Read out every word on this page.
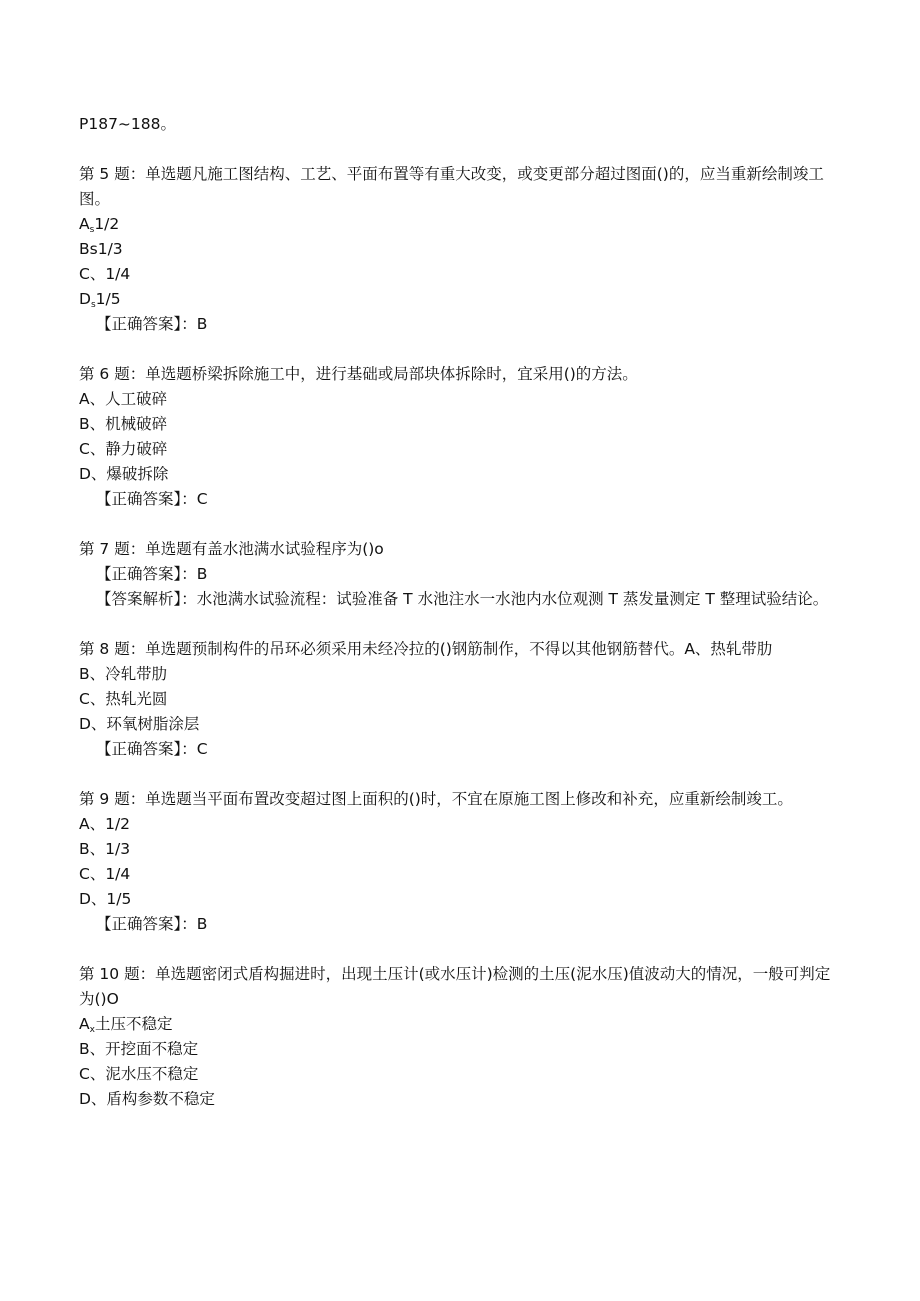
P187~188。
第 5 题：单选题凡施工图结构、工艺、平面布置等有重大改变，或变更部分超过图面()的，应当重新绘制竣工图。
$A_s1/2$
Bs1/3
C、1/4
$D_s1/5$
【正确答案】：B
第 6 题：单选题桥梁拆除施工中，进行基础或局部块体拆除时，宜采用()的方法。
A、人工破碎
B、机械破碎
C、静力破碎
D、爆破拆除
【正确答案】：C
第 7 题：单选题有盖水池满水试验程序为()o
【正确答案】：B
【答案解析】：水池满水试验流程：试验准备 T 水池注水一水池内水位观测 T 蒸发量测定 T 整理试验结论。
第 8 题：单选题预制构件的吊环必须采用未经冷拉的()钢筋制作，不得以其他钢筋替代。A、热轧带肋
B、冷轧带肋
C、热轧光圆
D、环氧树脂涂层
【正确答案】：C
第 9 题：单选题当平面布置改变超过图上面积的()时，不宜在原施工图上修改和补充，应重新绘制竣工。
A、1/2
B、1/3
C、1/4
D、1/5
【正确答案】：B
第 10 题：单选题密闭式盾构掘进时，出现土压计(或水压计)检测的土压(泥水压)值波动大的情况，一般可判定为()O
$A_x$土压不稳定
B、开挖面不稳定
C、泥水压不稳定
D、盾构参数不稳定
